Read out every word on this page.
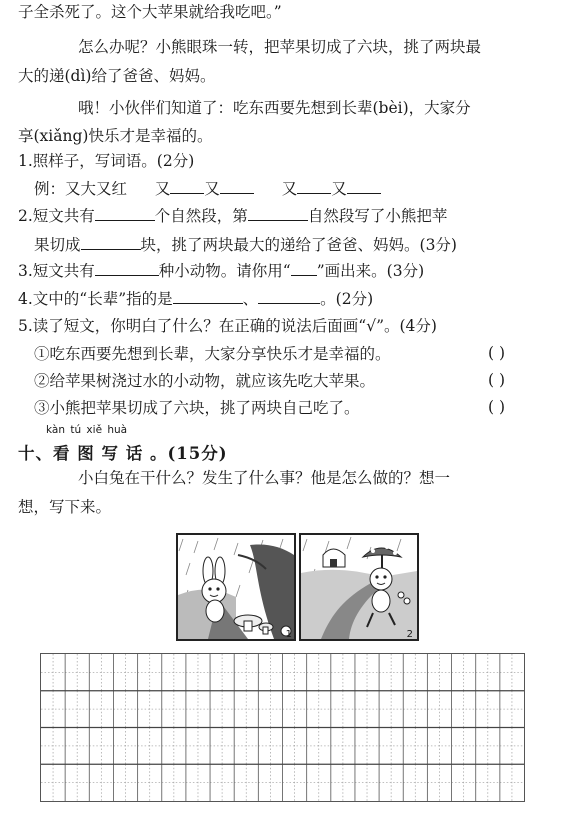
子全杀死了。这个大苹果就给我吃吧。”
怎么办呢？小熊眼珠一转，把苹果切成了六块，挑了两块最
大的递(dì)给了爸爸、妈妈。
哦！小伙伴们知道了：吃东西要先想到长辈(bèi)，大家分
享(xiǎng)快乐才是幸福的。
1.照样子，写词语。(2分)
例：又大又红 又 又	又 又
2.短文共有	个自然段，第	自然段写了小熊把苹
果切成	块，挑了两块最大的递给了爸爸、妈妈。(3分)
3.短文共有	种小动物。请你用“ ”画出来。(3分)
4.文中的“长辈”指的是	、	。(2分)
5.读了短文，你明白了什么？在正确的说法后面画“√”。(4分)
①吃东西要先想到长辈，大家分享快乐才是幸福的。	( )
②给苹果树浇过水的小动物，就应该先吃大苹果。	( )
③小熊把苹果切成了六块，挑了两块自己吃了。	( )
kàn tú xiě huà
十、看 图 写 话 。(15分)
小白兔在干什么？发生了什么事？他是怎么做的？想一
想，写下来。
1	2
